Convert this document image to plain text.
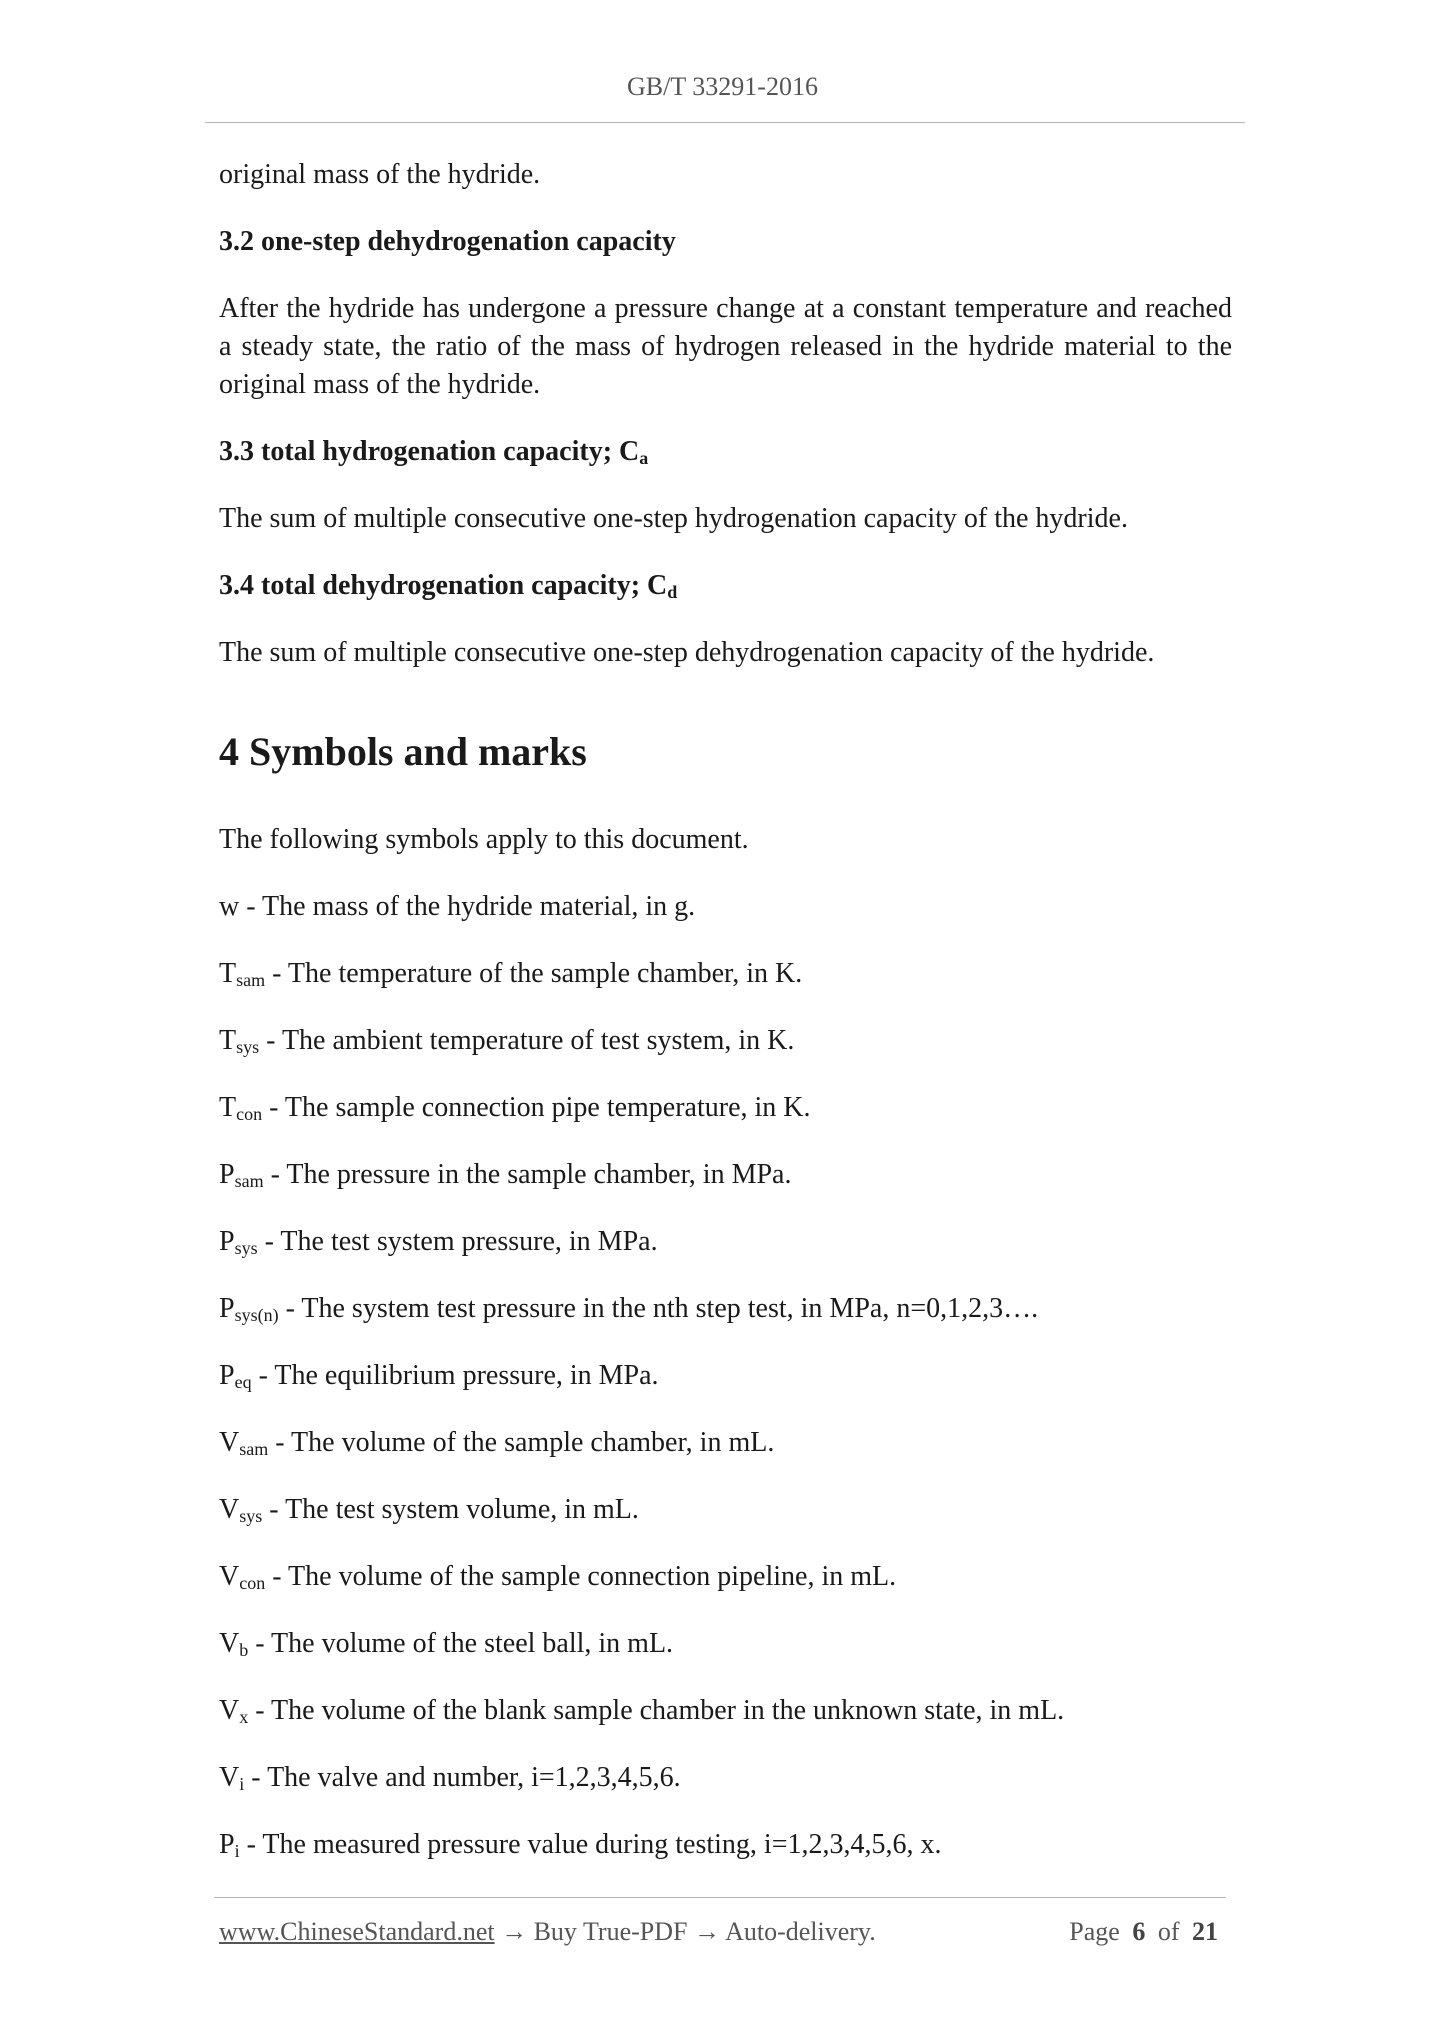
GB/T 33291-2016
original mass of the hydride.
3.2 one-step dehydrogenation capacity
After the hydride has undergone a pressure change at a constant temperature and reached a steady state, the ratio of the mass of hydrogen released in the hydride material to the original mass of the hydride.
3.3 total hydrogenation capacity; $C_a$
The sum of multiple consecutive one-step hydrogenation capacity of the hydride.
3.4 total dehydrogenation capacity; $C_d$
The sum of multiple consecutive one-step dehydrogenation capacity of the hydride.
4 Symbols and marks
The following symbols apply to this document.
w - The mass of the hydride material, in g.
$T_{sam}$ - The temperature of the sample chamber, in K.
$T_{sys}$ - The ambient temperature of test system, in K.
$T_{con}$ - The sample connection pipe temperature, in K.
$P_{sam}$ - The pressure in the sample chamber, in MPa.
$P_{sys}$ - The test system pressure, in MPa.
$P_{sys(n)}$ - The system test pressure in the nth step test, in MPa, n=0,1,2,3….
$P_{eq}$ - The equilibrium pressure, in MPa.
$V_{sam}$ - The volume of the sample chamber, in mL.
$V_{sys}$ - The test system volume, in mL.
$V_{con}$ - The volume of the sample connection pipeline, in mL.
$V_b$ - The volume of the steel ball, in mL.
$V_x$ - The volume of the blank sample chamber in the unknown state, in mL.
$V_i$ - The valve and number, i=1,2,3,4,5,6.
$P_i$ - The measured pressure value during testing, i=1,2,3,4,5,6, x.
www.ChineseStandard.net → Buy True-PDF → Auto-delivery.	Page 6 of 21
